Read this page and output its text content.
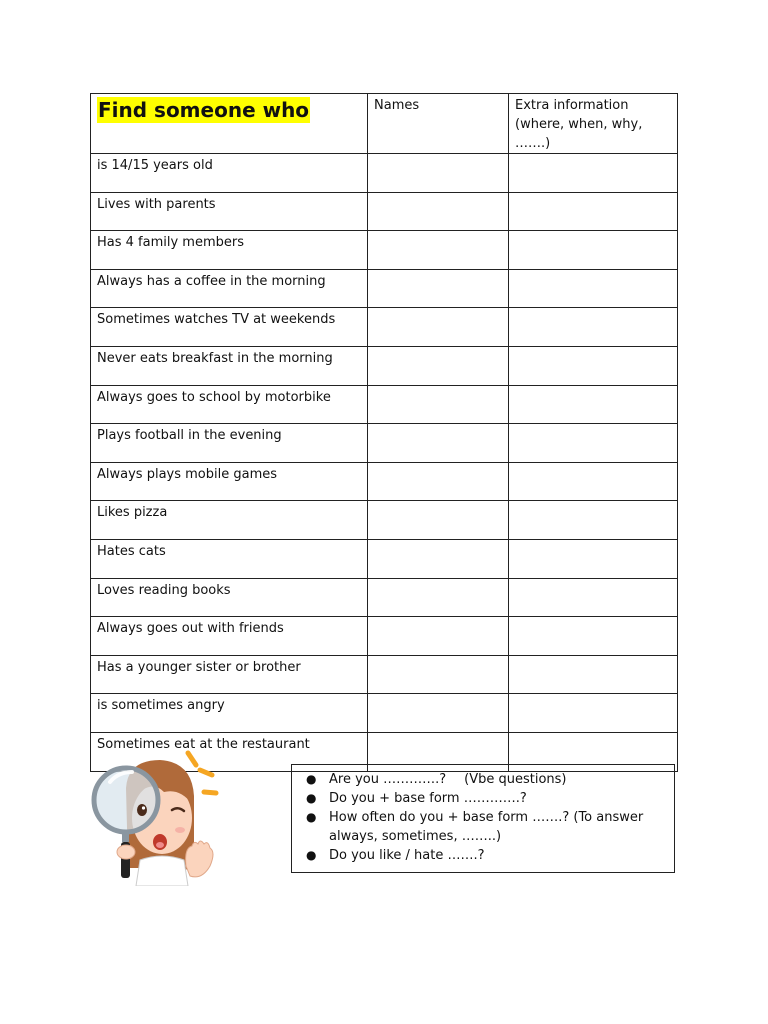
Find someone who	Names	Extra information
(where, when, why, …….)

is 14/15 years old		
Lives with parents		
Has 4 family members		
Always has a coffee in the morning		
Sometimes watches TV at weekends		
Never eats breakfast in the morning		
Always goes to school by motorbike		
Plays football in the evening		
Always plays mobile games		
Likes pizza		
Hates cats		
Loves reading books		
Always goes out with friends		
Has a younger sister or brother		
is sometimes angry		
Sometimes eat at the restaurant		
● Are you ………….? (Vbe questions)
● Do you + base form ………….?
● How often do you + base form …….? (To answer always, sometimes, ……..)
● Do you like / hate …….?
